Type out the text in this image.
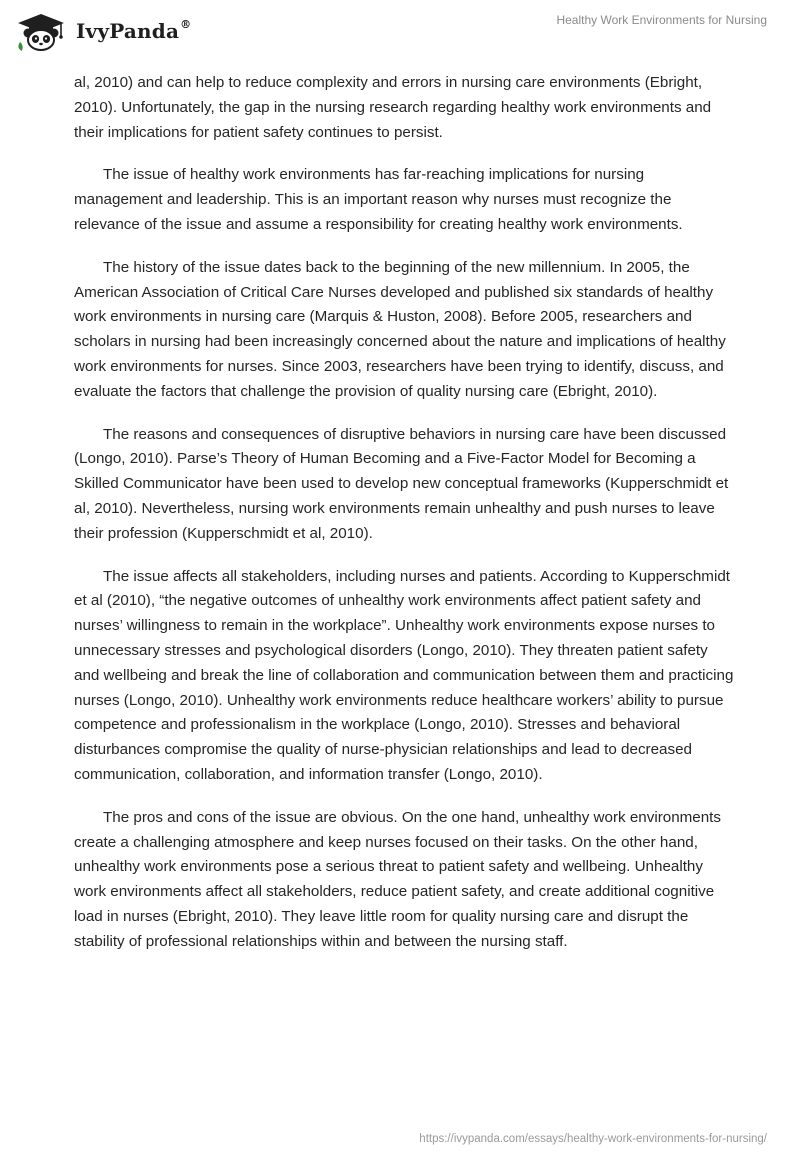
IvyPanda®	Healthy Work Environments for Nursing

al, 2010) and can help to reduce complexity and errors in nursing care environments (Ebright, 2010). Unfortunately, the gap in the nursing research regarding healthy work environments and their implications for patient safety continues to persist.

The issue of healthy work environments has far-reaching implications for nursing management and leadership. This is an important reason why nurses must recognize the relevance of the issue and assume a responsibility for creating healthy work environments.

The history of the issue dates back to the beginning of the new millennium. In 2005, the American Association of Critical Care Nurses developed and published six standards of healthy work environments in nursing care (Marquis & Huston, 2008). Before 2005, researchers and scholars in nursing had been increasingly concerned about the nature and implications of healthy work environments for nurses. Since 2003, researchers have been trying to identify, discuss, and evaluate the factors that challenge the provision of quality nursing care (Ebright, 2010).

The reasons and consequences of disruptive behaviors in nursing care have been discussed (Longo, 2010). Parse’s Theory of Human Becoming and a Five-Factor Model for Becoming a Skilled Communicator have been used to develop new conceptual frameworks (Kupperschmidt et al, 2010). Nevertheless, nursing work environments remain unhealthy and push nurses to leave their profession (Kupperschmidt et al, 2010).

The issue affects all stakeholders, including nurses and patients. According to Kupperschmidt et al (2010), “the negative outcomes of unhealthy work environments affect patient safety and nurses’ willingness to remain in the workplace”. Unhealthy work environments expose nurses to unnecessary stresses and psychological disorders (Longo, 2010). They threaten patient safety and wellbeing and break the line of collaboration and communication between them and practicing nurses (Longo, 2010). Unhealthy work environments reduce healthcare workers’ ability to pursue competence and professionalism in the workplace (Longo, 2010). Stresses and behavioral disturbances compromise the quality of nurse-physician relationships and lead to decreased communication, collaboration, and information transfer (Longo, 2010).

The pros and cons of the issue are obvious. On the one hand, unhealthy work environments create a challenging atmosphere and keep nurses focused on their tasks. On the other hand, unhealthy work environments pose a serious threat to patient safety and wellbeing. Unhealthy work environments affect all stakeholders, reduce patient safety, and create additional cognitive load in nurses (Ebright, 2010). They leave little room for quality nursing care and disrupt the stability of professional relationships within and between the nursing staff.

https://ivypanda.com/essays/healthy-work-environments-for-nursing/
